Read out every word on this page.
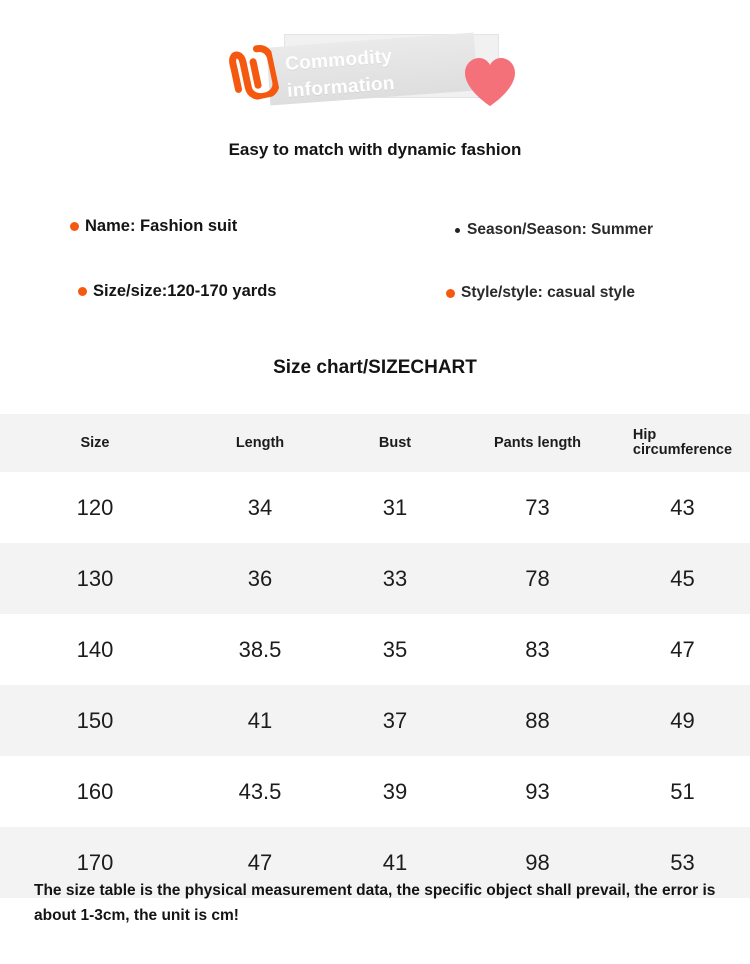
Commodity
information
Easy to match with dynamic fashion
Name: Fashion suit	Season/Season: Summer
Size/size:120-170 yards	Style/style: casual style
Size chart/SIZECHART
Size	Length	Bust	Pants length	Hip
circumference

120	34	31	73	43
130	36	33	78	45
140	38.5	35	83	47
150	41	37	88	49
160	43.5	39	93	51
170	47	41	98	53
The size table is the physical measurement data, the specific object shall prevail, the error is about 1-3cm, the unit is cm!
